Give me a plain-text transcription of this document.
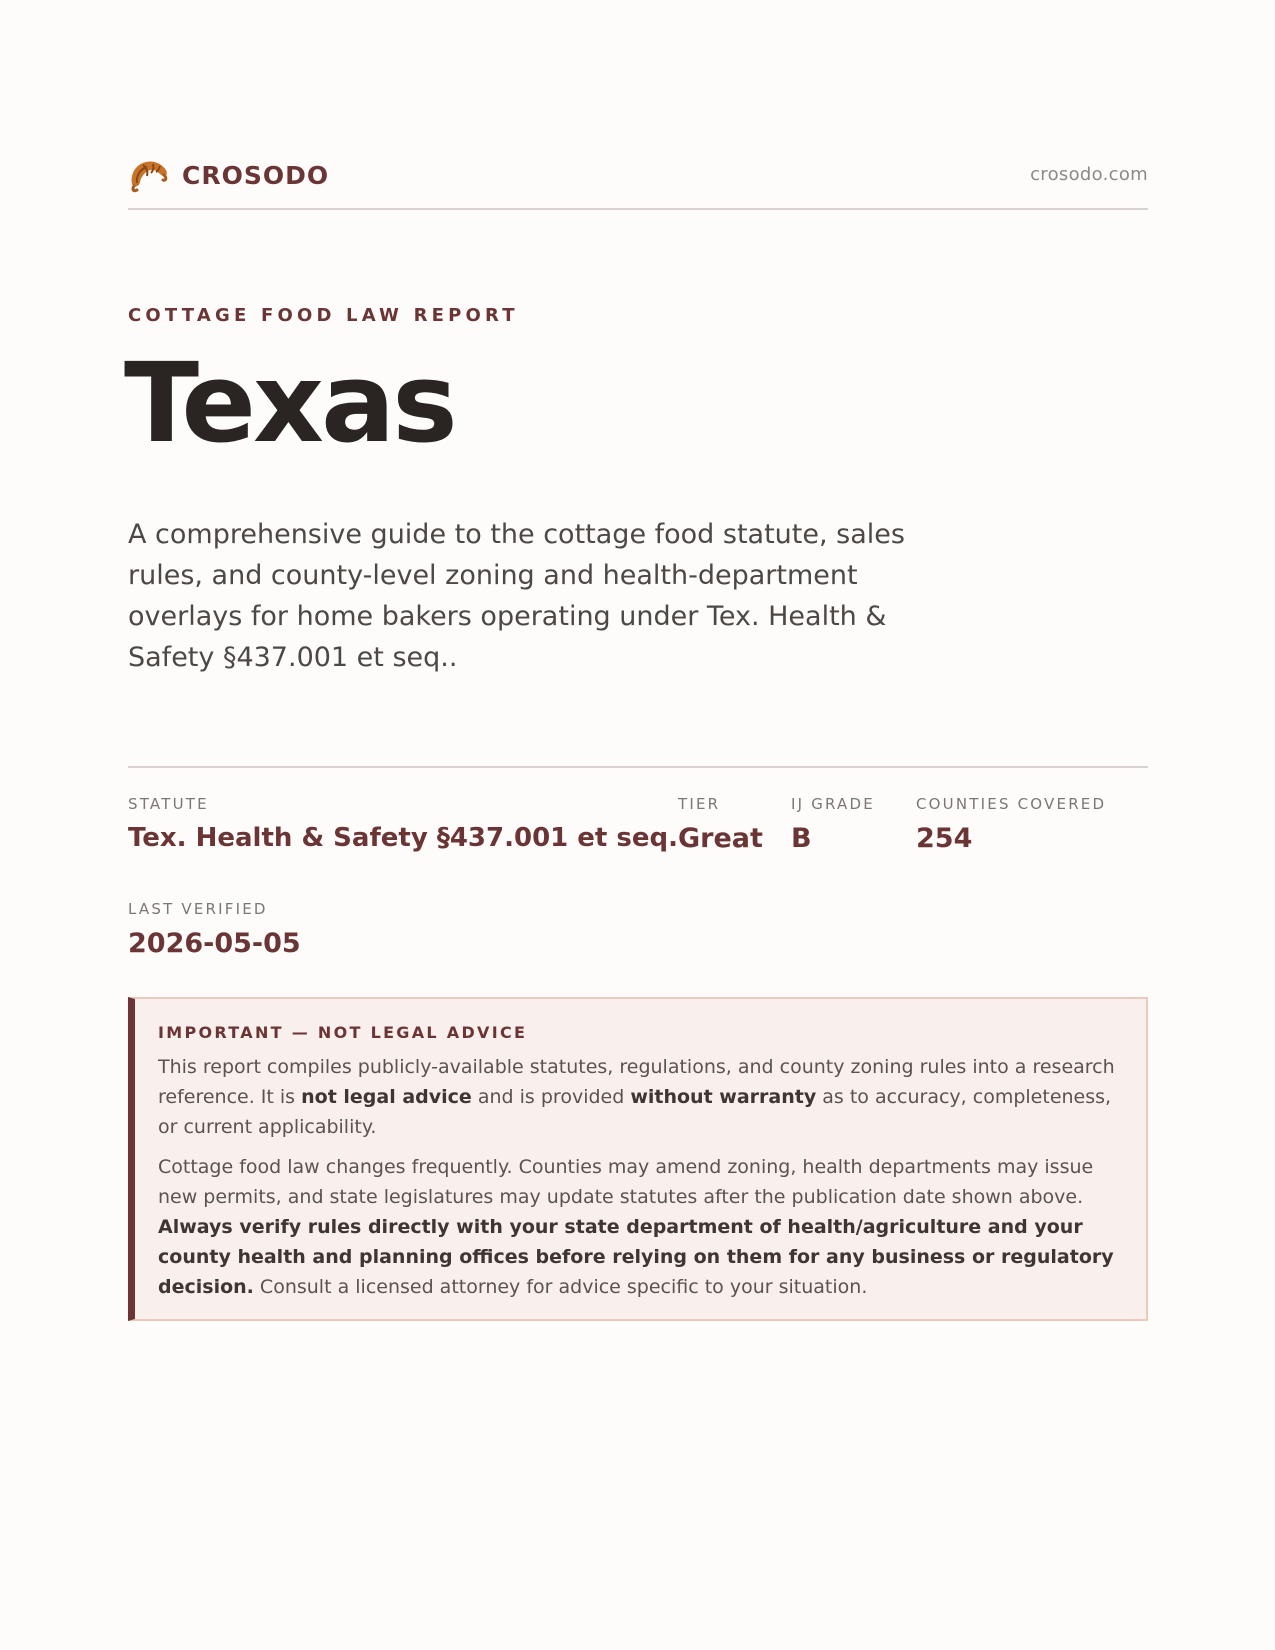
CROSODO	crosodo.com
COTTAGE FOOD LAW REPORT
Texas
A comprehensive guide to the cottage food statute, sales rules, and county-level zoning and health-department overlays for home bakers operating under Tex. Health & Safety §437.001 et seq..
STATUTE
Tex. Health & Safety §437.001 et seq.
TIER
Great
IJ GRADE
B
COUNTIES COVERED
254
LAST VERIFIED
2026-05-05
IMPORTANT — NOT LEGAL ADVICE

This report compiles publicly-available statutes, regulations, and county zoning rules into a research reference. It is not legal advice and is provided without warranty as to accuracy, completeness, or current applicability.

Cottage food law changes frequently. Counties may amend zoning, health departments may issue new permits, and state legislatures may update statutes after the publication date shown above. Always verify rules directly with your state department of health/agriculture and your county health and planning offices before relying on them for any business or regulatory decision. Consult a licensed attorney for advice specific to your situation.
